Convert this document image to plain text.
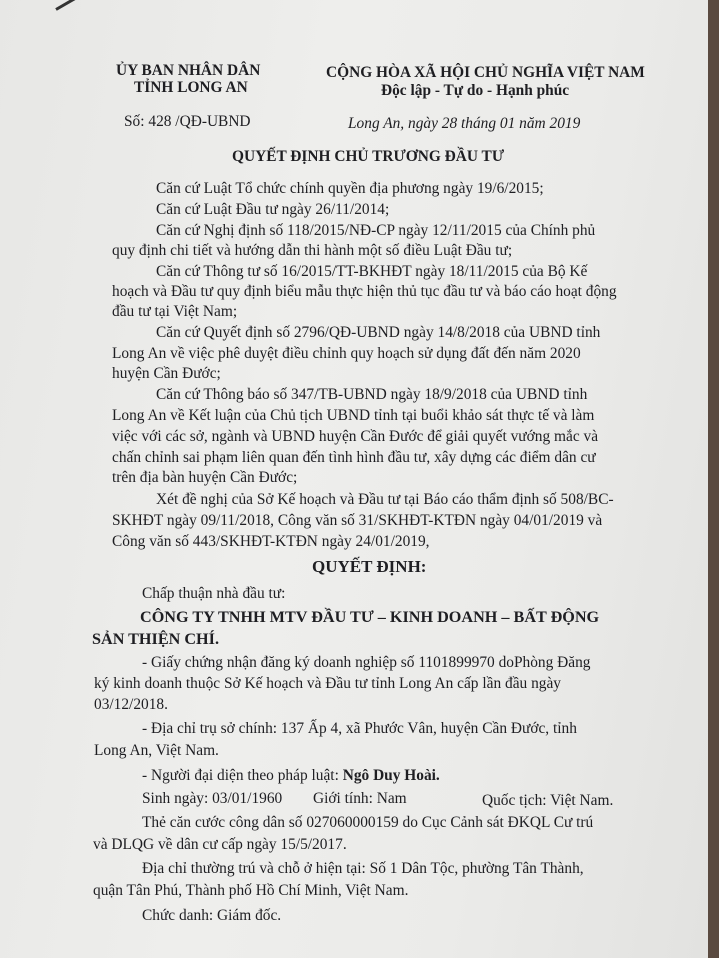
ỦY BAN NHÂN DÂN
TỈNH LONG AN
CỘNG HÒA XÃ HỘI CHỦ NGHĨA VIỆT NAM
Độc lập - Tự do - Hạnh phúc
Số: 428 /QĐ-UBND	Long An, ngày 28 tháng 01 năm 2019
QUYẾT ĐỊNH CHỦ TRƯƠNG ĐẦU TƯ
Căn cứ Luật Tổ chức chính quyền địa phương ngày 19/6/2015;
Căn cứ Luật Đầu tư ngày 26/11/2014;
Căn cứ Nghị định số 118/2015/NĐ-CP ngày 12/11/2015 của Chính phủ
quy định chi tiết và hướng dẫn thi hành một số điều Luật Đầu tư;
Căn cứ Thông tư số 16/2015/TT-BKHĐT ngày 18/11/2015 của Bộ Kế
hoạch và Đầu tư quy định biểu mẫu thực hiện thủ tục đầu tư và báo cáo hoạt động
đầu tư tại Việt Nam;
Căn cứ Quyết định số 2796/QĐ-UBND ngày 14/8/2018 của UBND tỉnh
Long An về việc phê duyệt điều chỉnh quy hoạch sử dụng đất đến năm 2020
huyện Cần Đước;
Căn cứ Thông báo số 347/TB-UBND ngày 18/9/2018 của UBND tỉnh
Long An về Kết luận của Chủ tịch UBND tỉnh tại buổi khảo sát thực tế và làm
việc với các sở, ngành và UBND huyện Cần Đước để giải quyết vướng mắc và
chấn chỉnh sai phạm liên quan đến tình hình đầu tư, xây dựng các điểm dân cư
trên địa bàn huyện Cần Đước;
Xét đề nghị của Sở Kế hoạch và Đầu tư tại Báo cáo thẩm định số 508/BC-
SKHĐT ngày 09/11/2018, Công văn số 31/SKHĐT-KTĐN ngày 04/01/2019 và
Công văn số 443/SKHĐT-KTĐN ngày 24/01/2019,
QUYẾT ĐỊNH:
Chấp thuận nhà đầu tư:
CÔNG TY TNHH MTV ĐẦU TƯ – KINH DOANH – BẤT ĐỘNG
SẢN THIỆN CHÍ.
- Giấy chứng nhận đăng ký doanh nghiệp số 1101899970 doPhòng Đăng
ký kinh doanh thuộc Sở Kế hoạch và Đầu tư tỉnh Long An cấp lần đầu ngày
03/12/2018.
- Địa chỉ trụ sở chính: 137 Ấp 4, xã Phước Vân, huyện Cần Đước, tỉnh
Long An, Việt Nam.
- Người đại diện theo pháp luật: Ngô Duy Hoài.
Sinh ngày: 03/01/1960 Giới tính: Nam	Quốc tịch: Việt Nam.
Thẻ căn cước công dân số 027060000159 do Cục Cảnh sát ĐKQL Cư trú
và DLQG về dân cư cấp ngày 15/5/2017.
Địa chỉ thường trú và chỗ ở hiện tại: Số 1 Dân Tộc, phường Tân Thành,
quận Tân Phú, Thành phố Hồ Chí Minh, Việt Nam.
Chức danh: Giám đốc.
